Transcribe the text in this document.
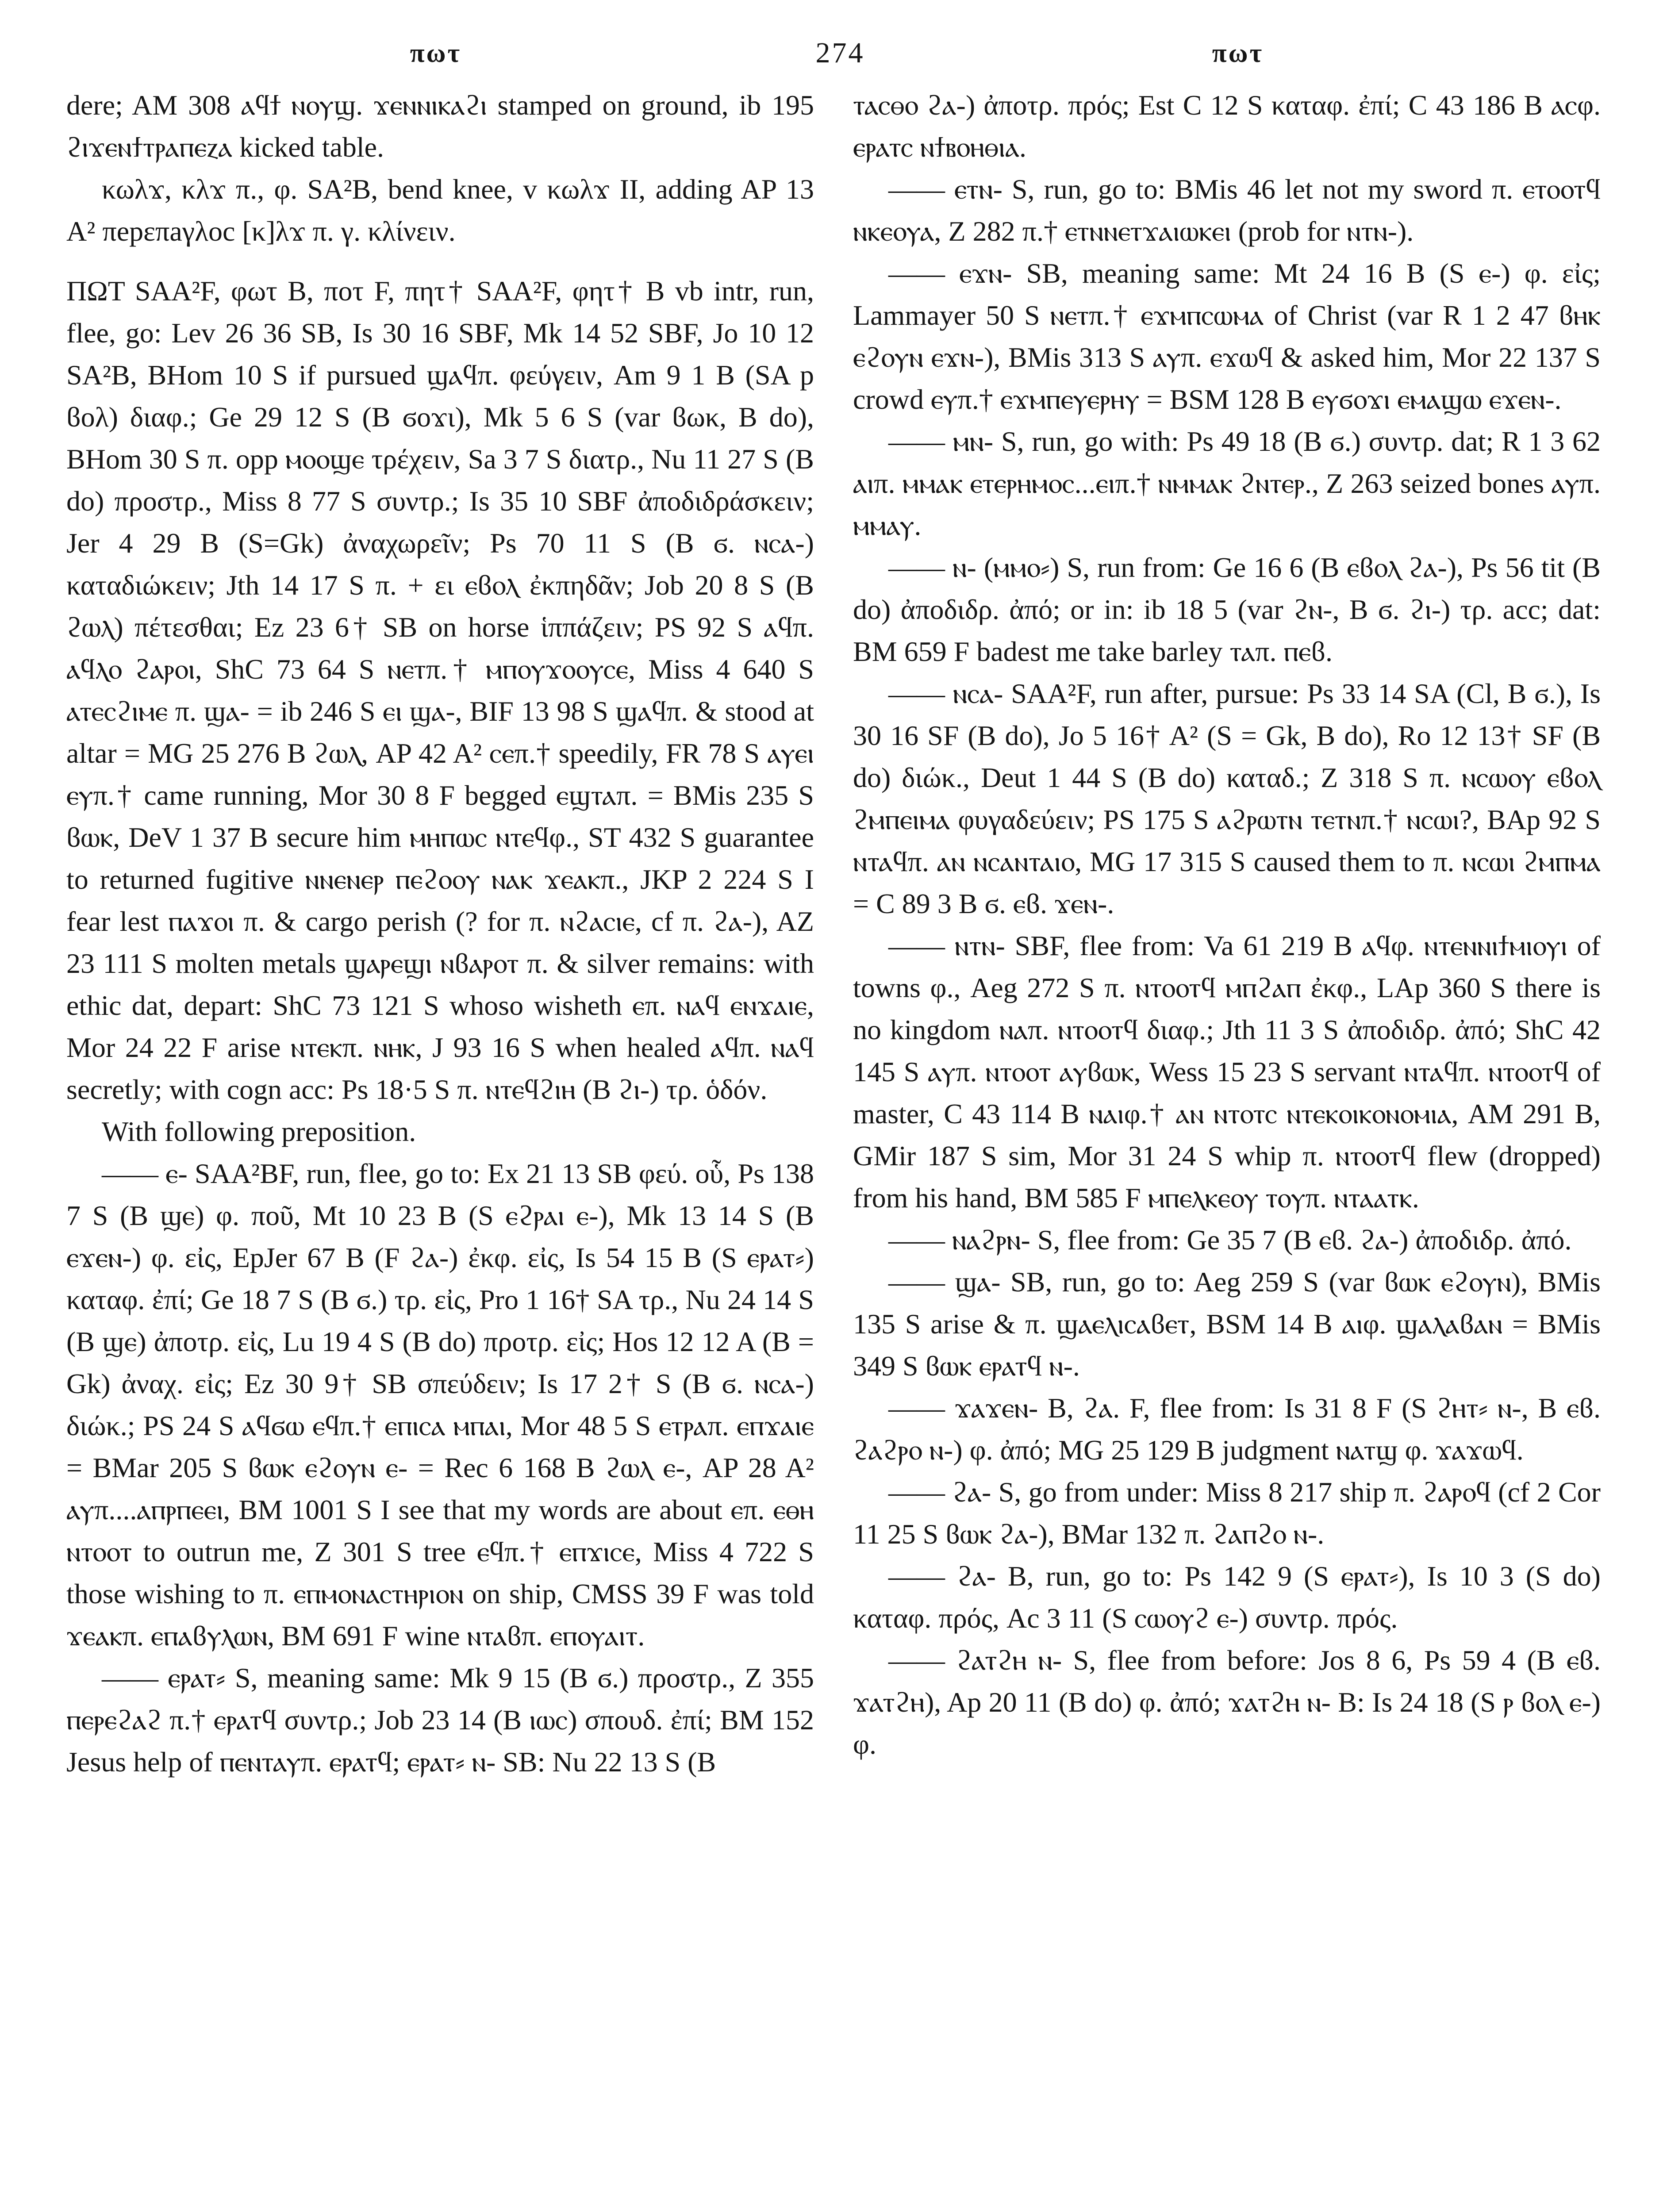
πωτ	274	πωτ

dere; AM 308 ⲁϥϯ ⲛⲟⲩϣ. ϫⲉⲛⲛⲓⲕⲁϩⲓ stamped on ground, ib 195 ϩⲓϫⲉⲛϯⲧⲣⲁⲡⲉⲍⲁ kicked table.

κωλϫ, κλϫ π., φ. SA²B, bend knee, v κωλϫ II, adding AP 13 A² πepεπaγλoc [κ]λϫ π. γ. κλίνειν.

ΠΩΤ SAA²F, φωτ B, ποτ F, πητ† SAA²F, φητ† B vb intr, run, flee, go: Lev 26 36 SB, Is 30 16 SBF, Mk 14 52 SBF, Jo 10 12 SA²B, BHom 10 S if pursued ϣⲁϥπ. φεύγειν, Am 9 1 B (SA p ϐολ) διαφ.; Ge 29 12 S (B ϭοϫι), Mk 5 6 S (var ϐωκ, B do), BHom 30 S π. opp ⲙⲟⲟϣⲉ τρέχειν, Sa 3 7 S διατρ., Nu 11 27 S (B do) προστρ., Miss 8 77 S συντρ.; Is 35 10 SBF ἀποδιδράσκειν; Jer 4 29 B (S=Gk) ἀναχωρεῖν; Ps 70 11 S (B ϭ. ⲛⲥⲁ-) καταδιώκειν; Jth 14 17 S π. + ει ⲉϐⲟⲗ ἐκπηδᾶν; Job 20 8 S (B ϩⲱⲗ) πέτεσθαι; Ez 23 6† SB on horse ἱππάζειν; PS 92 S ⲁϥπ. ⲁϥⲗⲟ ϩⲁⲣⲟⲓ, ShC 73 64 S ⲛⲉⲧπ.† ⲙⲡⲟⲩϫⲟⲟⲩⲥⲉ, Miss 4 640 S ⲁⲧⲉⲥϩⲓⲙⲉ π. ϣⲁ- = ib 246 S ⲉⲓ ϣⲁ-, BIF 13 98 S ϣⲁϥπ. & stood at altar = MG 25 276 B ϩⲱⲗ, AP 42 A² ⲥⲉπ.† speedily, FR 78 S ⲁⲩⲉⲓ ⲉⲩπ.† came running, Mor 30 8 F begged ⲉϣⲧⲁπ. = BMis 235 S ϐⲱⲕ, DeV 1 37 B secure him ⲙⲏⲡⲱⲥ ⲛⲧⲉϥφ., ST 432 S guarantee to returned fugitive ⲛⲛⲉⲛⲉⲣ ⲡⲉϩⲟⲟⲩ ⲛⲁⲕ ϫⲉⲁⲕπ., JKP 2 224 S I fear lest ⲡⲁϫⲟⲓ π. & cargo perish (? for π. ⲛϩⲁⲥⲓⲉ, cf π. ϩⲁ-), AZ 23 111 S molten metals ϣⲁⲣⲉϣⲓ ⲛϐⲁⲣⲟⲧ π. & silver remains: with ethic dat, depart: ShC 73 121 S whoso wisheth ⲉπ. ⲛⲁϥ ⲉⲛϫⲁⲓⲉ, Mor 24 22 F arise ⲛⲧⲉⲕπ. ⲛⲏⲕ, J 93 16 S when healed ⲁϥπ. ⲛⲁϥ secretly; with cogn acc: Ps 18·5 S π. ⲛⲧⲉϥϩⲓⲏ (B ϩⲓ-) τρ. ὁδόν.

With following preposition.

—— ⲉ- SAA²BF, run, flee, go to: Ex 21 13 SB φεύ. οὗ, Ps 138 7 S (B ϣⲉ) φ. ποῦ, Mt 10 23 B (S ⲉϩⲣⲁⲓ ⲉ-), Mk 13 14 S (B ⲉϫⲉⲛ-) φ. εἰς, EpJer 67 B (F ϩⲁ-) ἐκφ. εἰς, Is 54 15 B (S ⲉⲣⲁⲧ⸗) καταφ. ἐπί; Ge 18 7 S (B ϭ.) τρ. εἰς, Pro 1 16† SA τρ., Nu 24 14 S (B ϣⲉ) ἀποτρ. εἰς, Lu 19 4 S (B do) προτρ. εἰς; Hos 12 12 A (B = Gk) ἀναχ. εἰς; Ez 30 9† SB σπεύδειν; Is 17 2† S (B ϭ. ⲛⲥⲁ-) διώκ.; PS 24 S ⲁϥϭⲱ ⲉϥπ.† ⲉⲡⲓⲥⲁ ⲙⲡⲁⲓ, Mor 48 5 S ⲉⲧⲣⲁπ. ⲉⲡϫⲁⲓⲉ = BMar 205 S ϐⲱⲕ ⲉϩⲟⲩⲛ ⲉ- = Rec 6 168 B ϩⲱⲗ ⲉ-, AP 28 A² ⲁⲩπ....ⲁⲡⲣⲡⲉⲉⲓ, BM 1001 S I see that my words are about ⲉπ. ⲉⲑⲏ ⲛⲧⲟⲟⲧ to outrun me, Z 301 S tree ⲉϥπ.† ⲉⲡϫⲓⲥⲉ, Miss 4 722 S those wishing to π. ⲉⲡⲙⲟⲛⲁⲥⲧⲏⲣⲓⲟⲛ on ship, CMSS 39 F was told ϫⲉⲁⲕπ. ⲉⲡⲁϐⲩⲗⲱⲛ, BM 691 F wine ⲛⲧⲁϐπ. ⲉⲡⲟⲩⲁⲓⲧ.

—— ⲉⲣⲁⲧ⸗ S, meaning same: Mk 9 15 (B ϭ.) προστρ., Z 355 ⲡⲉⲣⲉϩⲁϩ π.† ⲉⲣⲁⲧϥ συντρ.; Job 23 14 (B ⲓⲱⲥ) σπουδ. ἐπί; BM 152 Jesus help of ⲡⲉⲛⲧⲁⲩπ. ⲉⲣⲁⲧϥ; ⲉⲣⲁⲧ⸗ ⲛ- SB: Nu 22 13 S (B

ⲧⲁⲥⲑⲟ ϩⲁ-) ἀποτρ. πρός; Est C 12 S καταφ. ἐπί; C 43 186 B ⲁⲥφ. ⲉⲣⲁⲧⲥ ⲛϯⲃⲟⲏⲑⲓⲁ.

—— ⲉⲧⲛ- S, run, go to: BMis 46 let not my sword π. ⲉⲧⲟⲟⲧϥ ⲛⲕⲉⲟⲩⲁ, Z 282 π.† ⲉⲧⲛⲛⲉⲧϫⲁⲓⲱⲕⲉⲓ (prob for ⲛⲧⲛ-).

—— ⲉϫⲛ- SB, meaning same: Mt 24 16 B (S ⲉ-) φ. εἰς; Lammayer 50 S ⲛⲉⲧπ.† ⲉϫⲙⲡⲥⲱⲙⲁ of Christ (var R 1 2 47 ϐⲏⲕ ⲉϩⲟⲩⲛ ⲉϫⲛ-), BMis 313 S ⲁⲩπ. ⲉϫⲱϥ & asked him, Mor 22 137 S crowd ⲉⲩπ.† ⲉϫⲙⲡⲉⲩⲉⲣⲏⲩ = BSM 128 B ⲉⲩϭⲟϫⲓ ⲉⲙⲁϣⲱ ⲉϫⲉⲛ-.

—— ⲙⲛ- S, run, go with: Ps 49 18 (B ϭ.) συντρ. dat; R 1 3 62 ⲁⲓπ. ⲙⲙⲁⲕ ⲉⲧⲉⲣⲏⲙⲟⲥ...ⲉⲓπ.† ⲛⲙⲙⲁⲕ ϩⲛⲧⲉⲣ., Z 263 seized bones ⲁⲩπ. ⲙⲙⲁⲩ.

—— ⲛ- (ⲙⲙⲟ⸗) S, run from: Ge 16 6 (B ⲉϐⲟⲗ ϩⲁ-), Ps 56 tit (B do) ἀποδιδρ. ἀπό; or in: ib 18 5 (var ϩⲛ-, B ϭ. ϩⲓ-) τρ. acc; dat: BM 659 F badest me take barley ⲧⲁπ. ⲡⲉϐ.

—— ⲛⲥⲁ- SAA²F, run after, pursue: Ps 33 14 SA (Cl, B ϭ.), Is 30 16 SF (B do), Jo 5 16† A² (S = Gk, B do), Ro 12 13† SF (B do) διώκ., Deut 1 44 S (B do) καταδ.; Z 318 S π. ⲛⲥⲱⲟⲩ ⲉϐⲟⲗ ϩⲙⲡⲉⲓⲙⲁ φυγαδεύειν; PS 175 S ⲁϩⲣⲱⲧⲛ ⲧⲉⲧⲛπ.† ⲛⲥⲱⲓ?, BAp 92 S ⲛⲧⲁϥπ. ⲁⲛ ⲛⲥⲁⲛⲧⲁⲓⲟ, MG 17 315 S caused them to π. ⲛⲥⲱⲓ ϩⲙⲡⲙⲁ = C 89 3 B ϭ. ⲉϐ. ϫⲉⲛ-.

—— ⲛⲧⲛ- SBF, flee from: Va 61 219 B ⲁϥφ. ⲛⲧⲉⲛⲛⲓϯⲙⲓⲟⲩⲓ of towns φ., Aeg 272 S π. ⲛⲧⲟⲟⲧϥ ⲙⲡϩⲁⲡ ἐκφ., LAp 360 S there is no kingdom ⲛⲁπ. ⲛⲧⲟⲟⲧϥ διαφ.; Jth 11 3 S ἀποδιδρ. ἀπό; ShC 42 145 S ⲁⲩπ. ⲛⲧⲟⲟⲧ ⲁⲩϐⲱⲕ, Wess 15 23 S servant ⲛⲧⲁϥπ. ⲛⲧⲟⲟⲧϥ of master, C 43 114 B ⲛⲁⲓφ.† ⲁⲛ ⲛⲧⲟⲧⲥ ⲛⲧⲉⲕⲟⲓⲕⲟⲛⲟⲙⲓⲁ, AM 291 B, GMir 187 S sim, Mor 31 24 S whip π. ⲛⲧⲟⲟⲧϥ flew (dropped) from his hand, BM 585 F ⲙⲡⲉⲗⲕⲉⲟⲩ ⲧⲟⲩπ. ⲛⲧⲁⲁⲧⲕ.

—— ⲛⲁϩⲣⲛ- S, flee from: Ge 35 7 (B ⲉϐ. ϩⲁ-) ἀποδιδρ. ἀπό.

—— ϣⲁ- SB, run, go to: Aeg 259 S (var ϐⲱⲕ ⲉϩⲟⲩⲛ), BMis 135 S arise & π. ϣⲁⲉⲗⲓⲥⲁϐⲉⲧ, BSM 14 B ⲁⲓφ. ϣⲁⲗⲁϐⲁⲛ = BMis 349 S ϐⲱⲕ ⲉⲣⲁⲧϥ ⲛ-.

—— ϫⲁϫⲉⲛ- B, ϩⲁ. F, flee from: Is 31 8 F (S ϩⲏⲧ⸗ ⲛ-, B ⲉϐ. ϩⲁϩⲣⲟ ⲛ-) φ. ἀπό; MG 25 129 B judgment ⲛⲁⲧϣ φ. ϫⲁϫⲱϥ.

—— ϩⲁ- S, go from under: Miss 8 217 ship π. ϩⲁⲣⲟϥ (cf 2 Cor 11 25 S ϐⲱⲕ ϩⲁ-), BMar 132 π. ϩⲁⲡϩⲟ ⲛ-.

—— ϩⲁ- B, run, go to: Ps 142 9 (S ⲉⲣⲁⲧ⸗), Is 10 3 (S do) καταφ. πρός, Ac 3 11 (S ⲥⲱⲟⲩϩ ⲉ-) συντρ. πρός.

—— ϩⲁⲧϩⲏ ⲛ- S, flee from before: Jos 8 6, Ps 59 4 (B ⲉϐ. ϫⲁⲧϩⲏ), Ap 20 11 (B do) φ. ἀπό; ϫⲁⲧϩⲏ ⲛ- B: Is 24 18 (S ⲣ ϐⲟⲗ ⲉ-) φ.
